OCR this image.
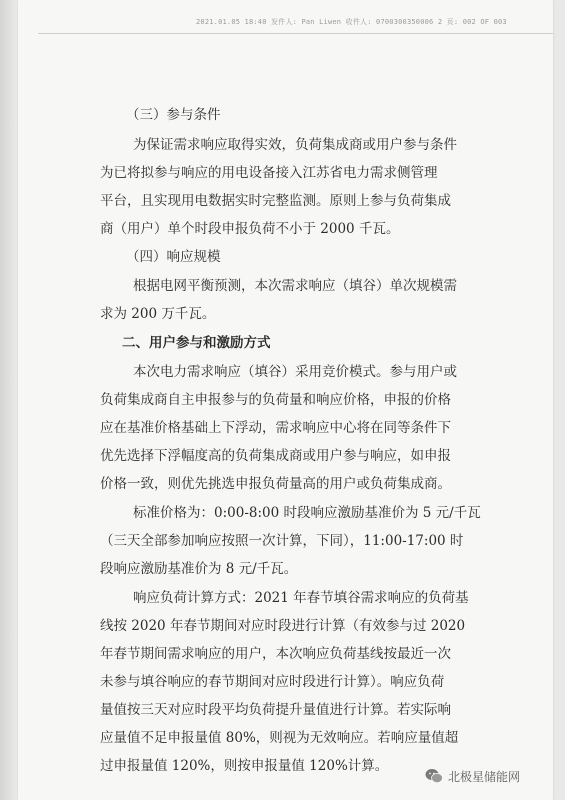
2021.01.05 18:40 发件人: Pan Liwen 收件人: 0700300350006 2 页: 002 OF 003
（三）参与条件
为保证需求响应取得实效，负荷集成商或用户参与条件
为已将拟参与响应的用电设备接入江苏省电力需求侧管理
平台，且实现用电数据实时完整监测。原则上参与负荷集成
商（用户）单个时段申报负荷不小于 2000 千瓦。
（四）响应规模
根据电网平衡预测，本次需求响应（填谷）单次规模需
求为 200 万千瓦。
二、用户参与和激励方式
本次电力需求响应（填谷）采用竞价模式。参与用户或
负荷集成商自主申报参与的负荷量和响应价格，申报的价格
应在基准价格基础上下浮动，需求响应中心将在同等条件下
优先选择下浮幅度高的负荷集成商或用户参与响应，如申报
价格一致，则优先挑选申报负荷量高的用户或负荷集成商。
标准价格为：0:00-8:00 时段响应激励基准价为 5 元/千瓦
（三天全部参加响应按照一次计算，下同），11:00-17:00 时
段响应激励基准价为 8 元/千瓦。
响应负荷计算方式：2021 年春节填谷需求响应的负荷基
线按 2020 年春节期间对应时段进行计算（有效参与过 2020
年春节期间需求响应的用户，本次响应负荷基线按最近一次
未参与填谷响应的春节期间对应时段进行计算）。响应负荷
量值按三天对应时段平均负荷提升量值进行计算。若实际响
应量值不足申报量值 80%，则视为无效响应。若响应量值超
过申报量值 120%，则按申报量值 120%计算。
北极星储能网
